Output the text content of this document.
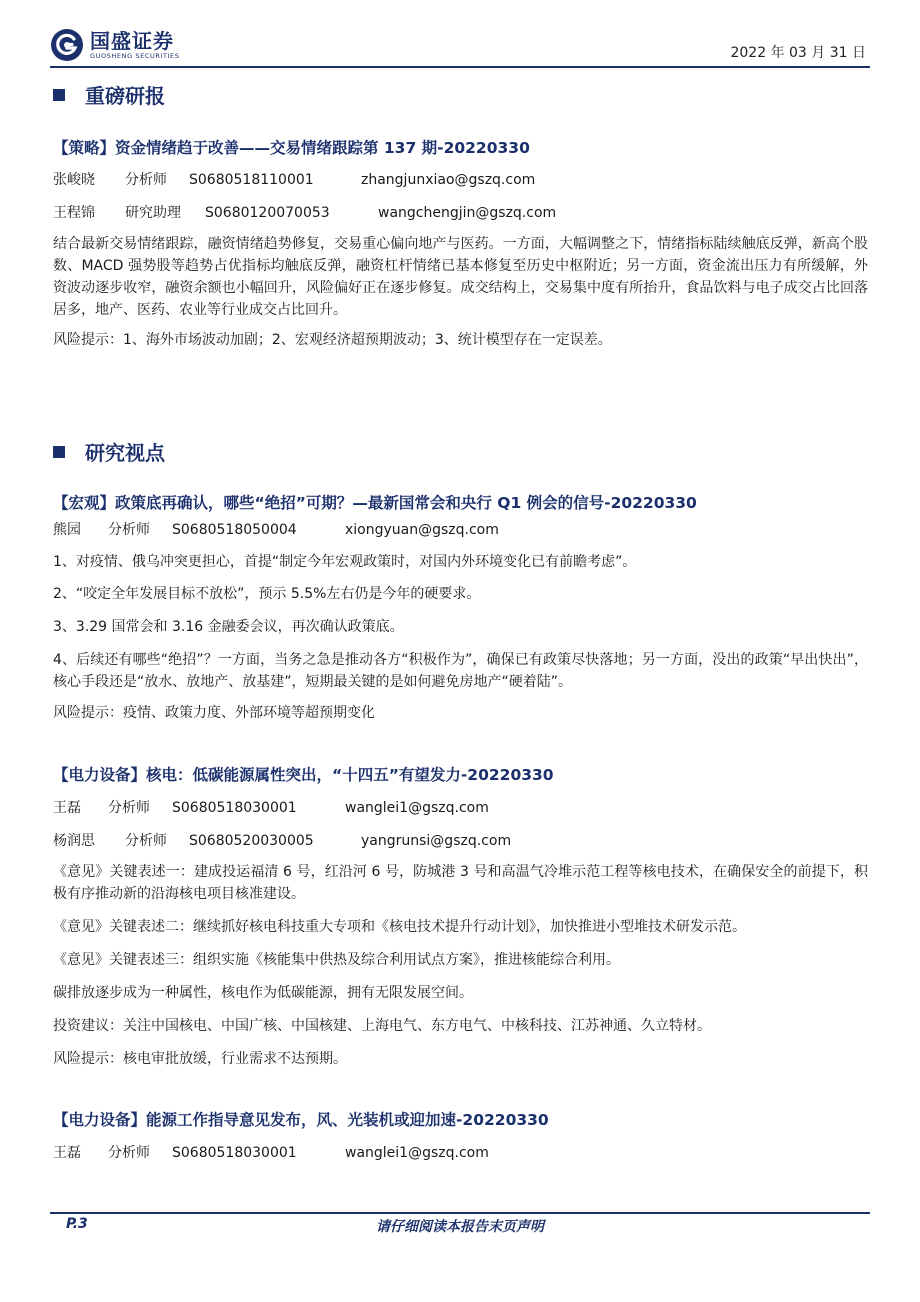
国盛证券
GUOSHENG SECURITIES	2022 年 03 月 31 日
重磅研报
【策略】资金情绪趋于改善——交易情绪跟踪第 137 期-20220330
张峻晓	分析师	S0680518110001	zhangjunxiao@gszq.com
王程锦	研究助理	S0680120070053	wangchengjin@gszq.com

结合最新交易情绪跟踪，融资情绪趋势修复，交易重心偏向地产与医药。一方面，大幅调整之下，情绪指标陆续触底反弹，新高个股数、MACD 强势股等趋势占优指标均触底反弹，融资杠杆情绪已基本修复至历史中枢附近；另一方面，资金流出压力有所缓解，外资波动逐步收窄，融资余额也小幅回升，风险偏好正在逐步修复。成交结构上，交易集中度有所抬升，食品饮料与电子成交占比回落居多，地产、医药、农业等行业成交占比回升。

风险提示：1、海外市场波动加剧；2、宏观经济超预期波动；3、统计模型存在一定误差。

研究视点
【宏观】政策底再确认，哪些“绝招”可期？—最新国常会和央行 Q1 例会的信号-20220330
熊园	分析师	S0680518050004	xiongyuan@gszq.com

1、对疫情、俄乌冲突更担心，首提“制定今年宏观政策时，对国内外环境变化已有前瞻考虑”。

2、“咬定全年发展目标不放松”，预示 5.5%左右仍是今年的硬要求。

3、3.29 国常会和 3.16 金融委会议，再次确认政策底。

4、后续还有哪些“绝招”？一方面，当务之急是推动各方“积极作为”，确保已有政策尽快落地；另一方面，没出的政策“早出快出”，核心手段还是“放水、放地产、放基建”，短期最关键的是如何避免房地产“硬着陆”。

风险提示：疫情、政策力度、外部环境等超预期变化

【电力设备】核电：低碳能源属性突出，“十四五”有望发力-20220330
王磊	分析师	S0680518030001	wanglei1@gszq.com
杨润思	分析师	S0680520030005	yangrunsi@gszq.com

《意见》关键表述一：建成投运福清 6 号，红沿河 6 号，防城港 3 号和高温气冷堆示范工程等核电技术，在确保安全的前提下，积极有序推动新的沿海核电项目核准建设。

《意见》关键表述二：继续抓好核电科技重大专项和《核电技术提升行动计划》，加快推进小型堆技术研发示范。

《意见》关键表述三：组织实施《核能集中供热及综合利用试点方案》，推进核能综合利用。

碳排放逐步成为一种属性，核电作为低碳能源，拥有无限发展空间。

投资建议：关注中国核电、中国广核、中国核建、上海电气、东方电气、中核科技、江苏神通、久立特材。

风险提示：核电审批放缓，行业需求不达预期。

【电力设备】能源工作指导意见发布，风、光装机或迎加速-20220330
王磊	分析师	S0680518030001	wanglei1@gszq.com
P.3	请仔细阅读本报告末页声明
